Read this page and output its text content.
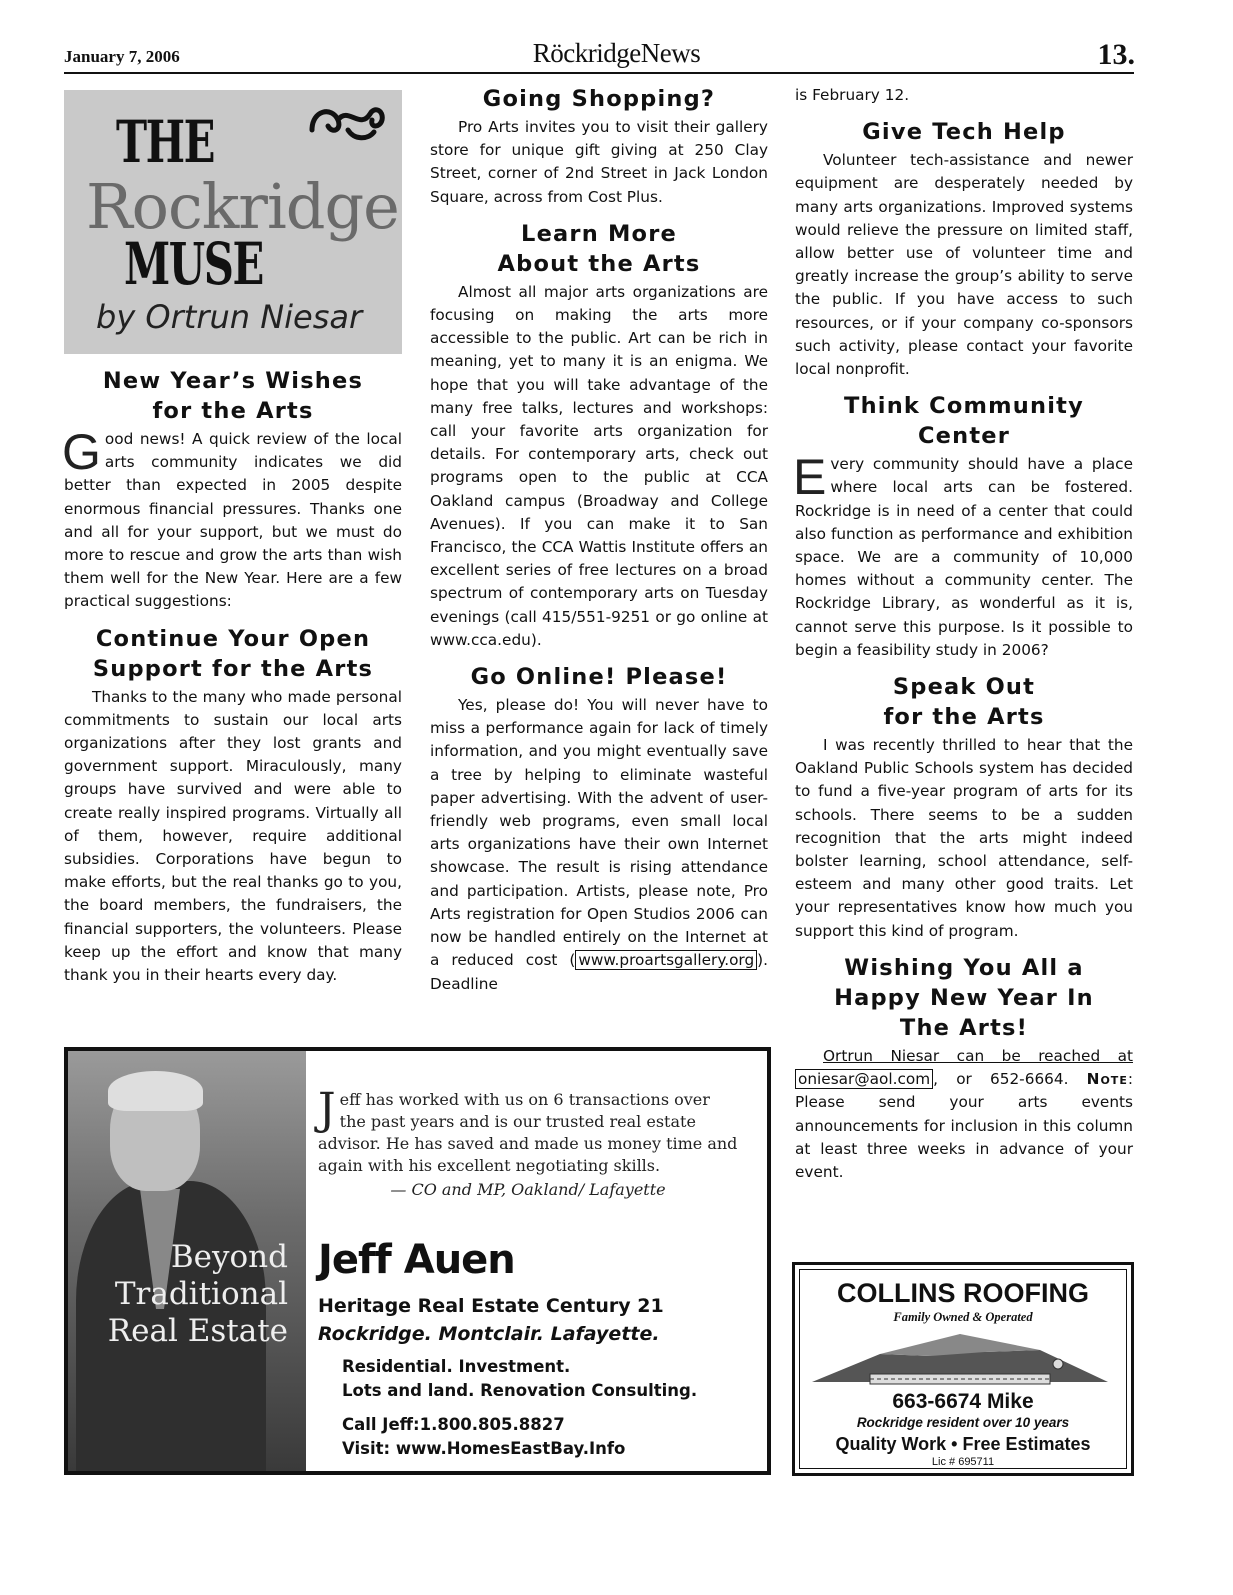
January 7, 2006	RöckridgeNews	13.
THE
Rockridge
MUSE
by Ortrun Niesar
New Year’s Wishes
for the Arts

Good news! A quick review of the local arts community indicates we did better than expected in 2005 despite enormous financial pressures. Thanks one and all for your support, but we must do more to rescue and grow the arts than wish them well for the New Year. Here are a few practical suggestions:

Continue Your Open
Support for the Arts

Thanks to the many who made personal commitments to sustain our local arts organizations after they lost grants and government support. Miraculously, many groups have survived and were able to create really inspired programs. Virtually all of them, however, require additional subsidies. Corporations have begun to make efforts, but the real thanks go to you, the board members, the fundraisers, the financial supporters, the volunteers. Please keep up the effort and know that many thank you in their hearts every day.

Going Shopping?

Pro Arts invites you to visit their gallery store for unique gift giving at 250 Clay Street, corner of 2nd Street in Jack London Square, across from Cost Plus.

Learn More
About the Arts

Almost all major arts organizations are focusing on making the arts more accessible to the public. Art can be rich in meaning, yet to many it is an enigma. We hope that you will take advantage of the many free talks, lectures and workshops: call your favorite arts organization for details. For contemporary arts, check out programs open to the public at CCA Oakland campus (Broadway and College Avenues). If you can make it to San Francisco, the CCA Wattis Institute offers an excellent series of free lectures on a broad spectrum of contemporary arts on Tuesday evenings (call 415/551-9251 or go online at www.cca.edu).

Go Online! Please!

Yes, please do! You will never have to miss a performance again for lack of timely information, and you might eventually save a tree by helping to eliminate wasteful paper advertising. With the advent of user-friendly web programs, even small local arts organizations have their own Internet showcase. The result is rising attendance and participation. Artists, please note, Pro Arts registration for Open Studios 2006 can now be handled entirely on the Internet at a reduced cost ( www.proartsgallery.org ). Deadline

is February 12.

Give Tech Help

Volunteer tech-assistance and newer equipment are desperately needed by many arts organizations. Improved systems would relieve the pressure on limited staff, allow better use of volunteer time and greatly increase the group’s ability to serve the public. If you have access to such resources, or if your company co-sponsors such activity, please contact your favorite local nonprofit.

Think Community
Center

Every community should have a place where local arts can be fostered. Rockridge is in need of a center that could also function as performance and exhibition space. We are a community of 10,000 homes without a community center. The Rockridge Library, as wonderful as it is, cannot serve this purpose. Is it possible to begin a feasibility study in 2006?

Speak Out
for the Arts

I was recently thrilled to hear that the Oakland Public Schools system has decided to fund a five-year program of arts for its schools. There seems to be a sudden recognition that the arts might indeed bolster learning, school attendance, self-esteem and many other good traits. Let your representatives know how much you support this kind of program.

Wishing You All a
Happy New Year In
The Arts!

Ortrun Niesar can be reached at oniesar@aol.com , or 652-6664. Note: Please send your arts events announcements for inclusion in this column at least three weeks in advance of your event.

Beyond
Traditional
Real Estate
Jeff has worked with us on 6 transactions over the past years and is our trusted real estate advisor. He has saved and made us money time and again with his excellent negotiating skills.
— CO and MP, Oakland/ Lafayette
Jeff Auen
Heritage Real Estate Century 21
Rockridge. Montclair. Lafayette.
Residential. Investment.
Lots and land. Renovation Consulting.
Call Jeff:1.800.805.8827
Visit: www.HomesEastBay.Info
COLLINS ROOFING
Family Owned & Operated
663-6674 Mike
Rockridge resident over 10 years
Quality Work • Free Estimates
Lic # 695711
